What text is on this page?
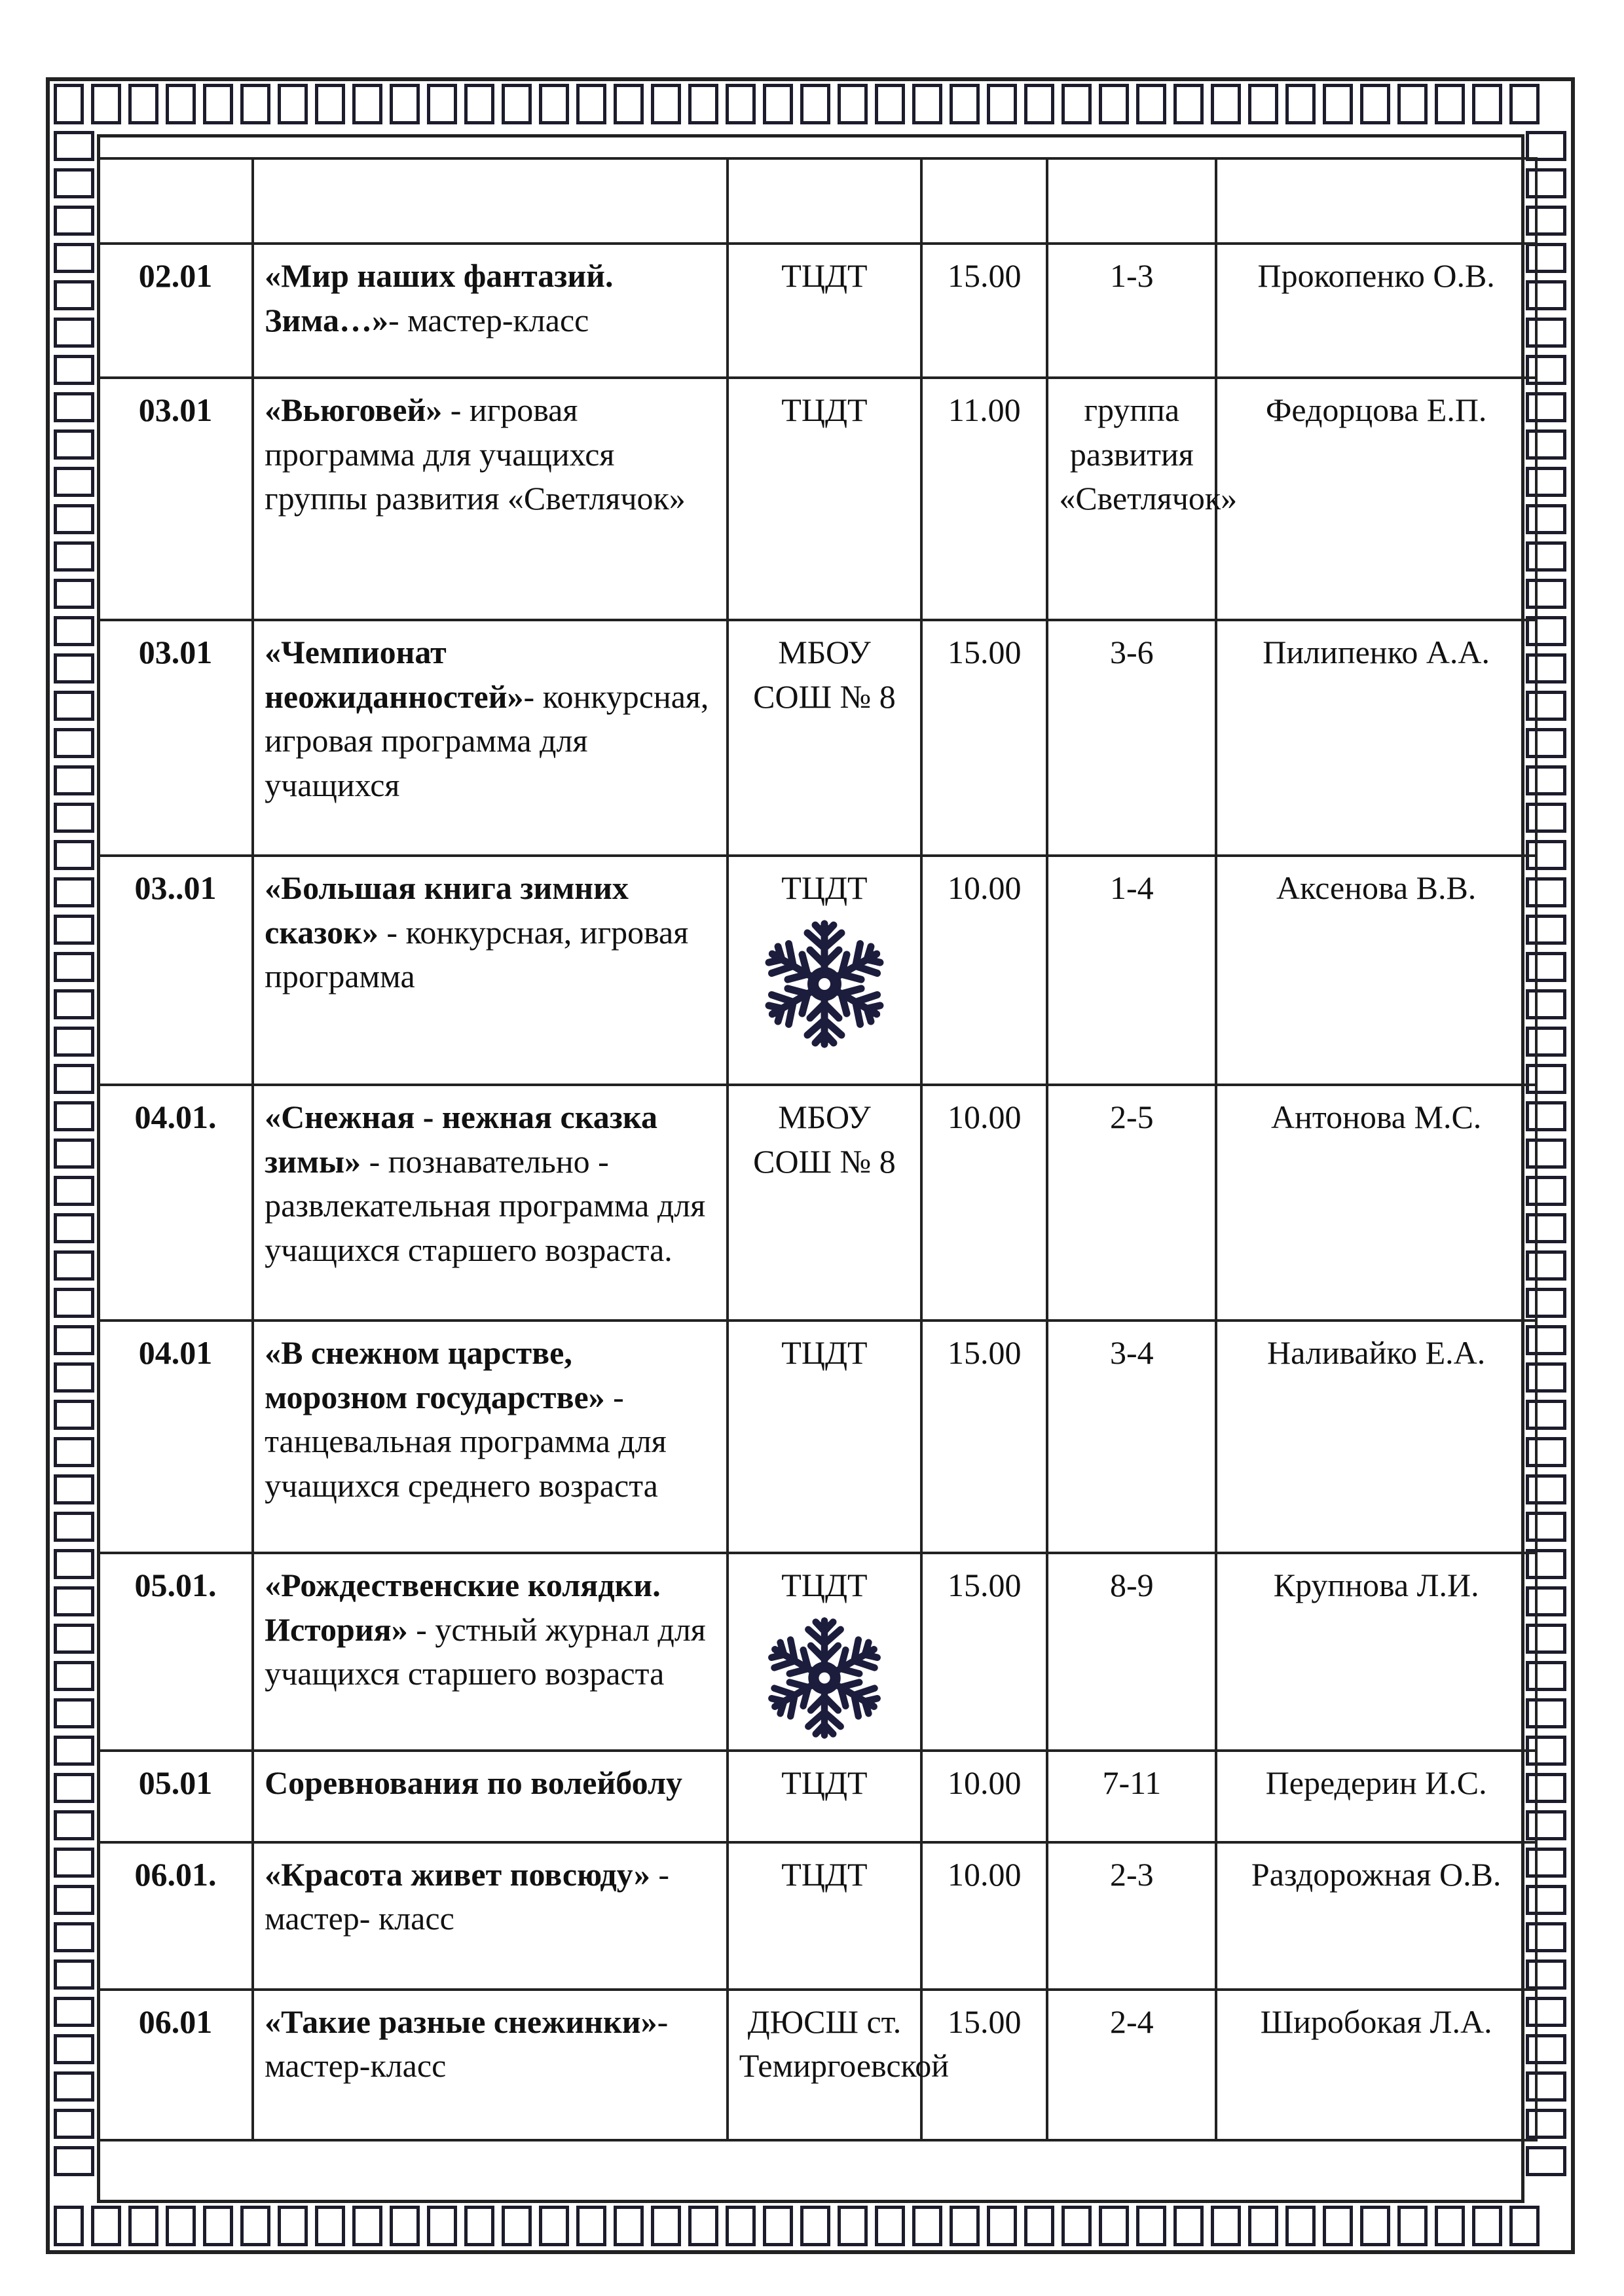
02.01	«Мир наших фантазий. Зима…»- мастер-класс	ТЦДТ	15.00	1-3	Прокопенко О.В.
03.01	«Вьюговей» - игровая программа для учащихся группы развития «Светлячок»	ТЦДТ	11.00	группа развития «Светлячок»	Федорцова Е.П.
03.01	«Чемпионат неожиданностей»- конкурсная, игровая программа для учащихся	МБОУ СОШ № 8	15.00	3-6	Пилипенко А.А.
03..01	«Большая книга зимних сказок» - конкурсная, игровая программа	ТЦДТ	10.00	1-4	Аксенова В.В.
04.01.	«Снежная - нежная сказка зимы» - познавательно - развлекательная программа для учащихся старшего возраста.	МБОУ СОШ № 8	10.00	2-5	Антонова М.С.
04.01	«В снежном царстве, морозном государстве» - танцевальная программа для учащихся среднего возраста	ТЦДТ	15.00	3-4	Наливайко Е.А.
05.01.	«Рождественские колядки. История» - устный журнал для учащихся старшего возраста	ТЦДТ	15.00	8-9	Крупнова Л.И.
05.01	Соревнования по волейболу	ТЦДТ	10.00	7-11	Передерин И.С.
06.01.	«Красота живет повсюду» - мастер- класс	ТЦДТ	10.00	2-3	Раздорожная О.В.
06.01	«Такие разные снежинки»- мастер-класс	ДЮСШ ст. Темиргоевской	15.00	2-4	Широбокая Л.А.
